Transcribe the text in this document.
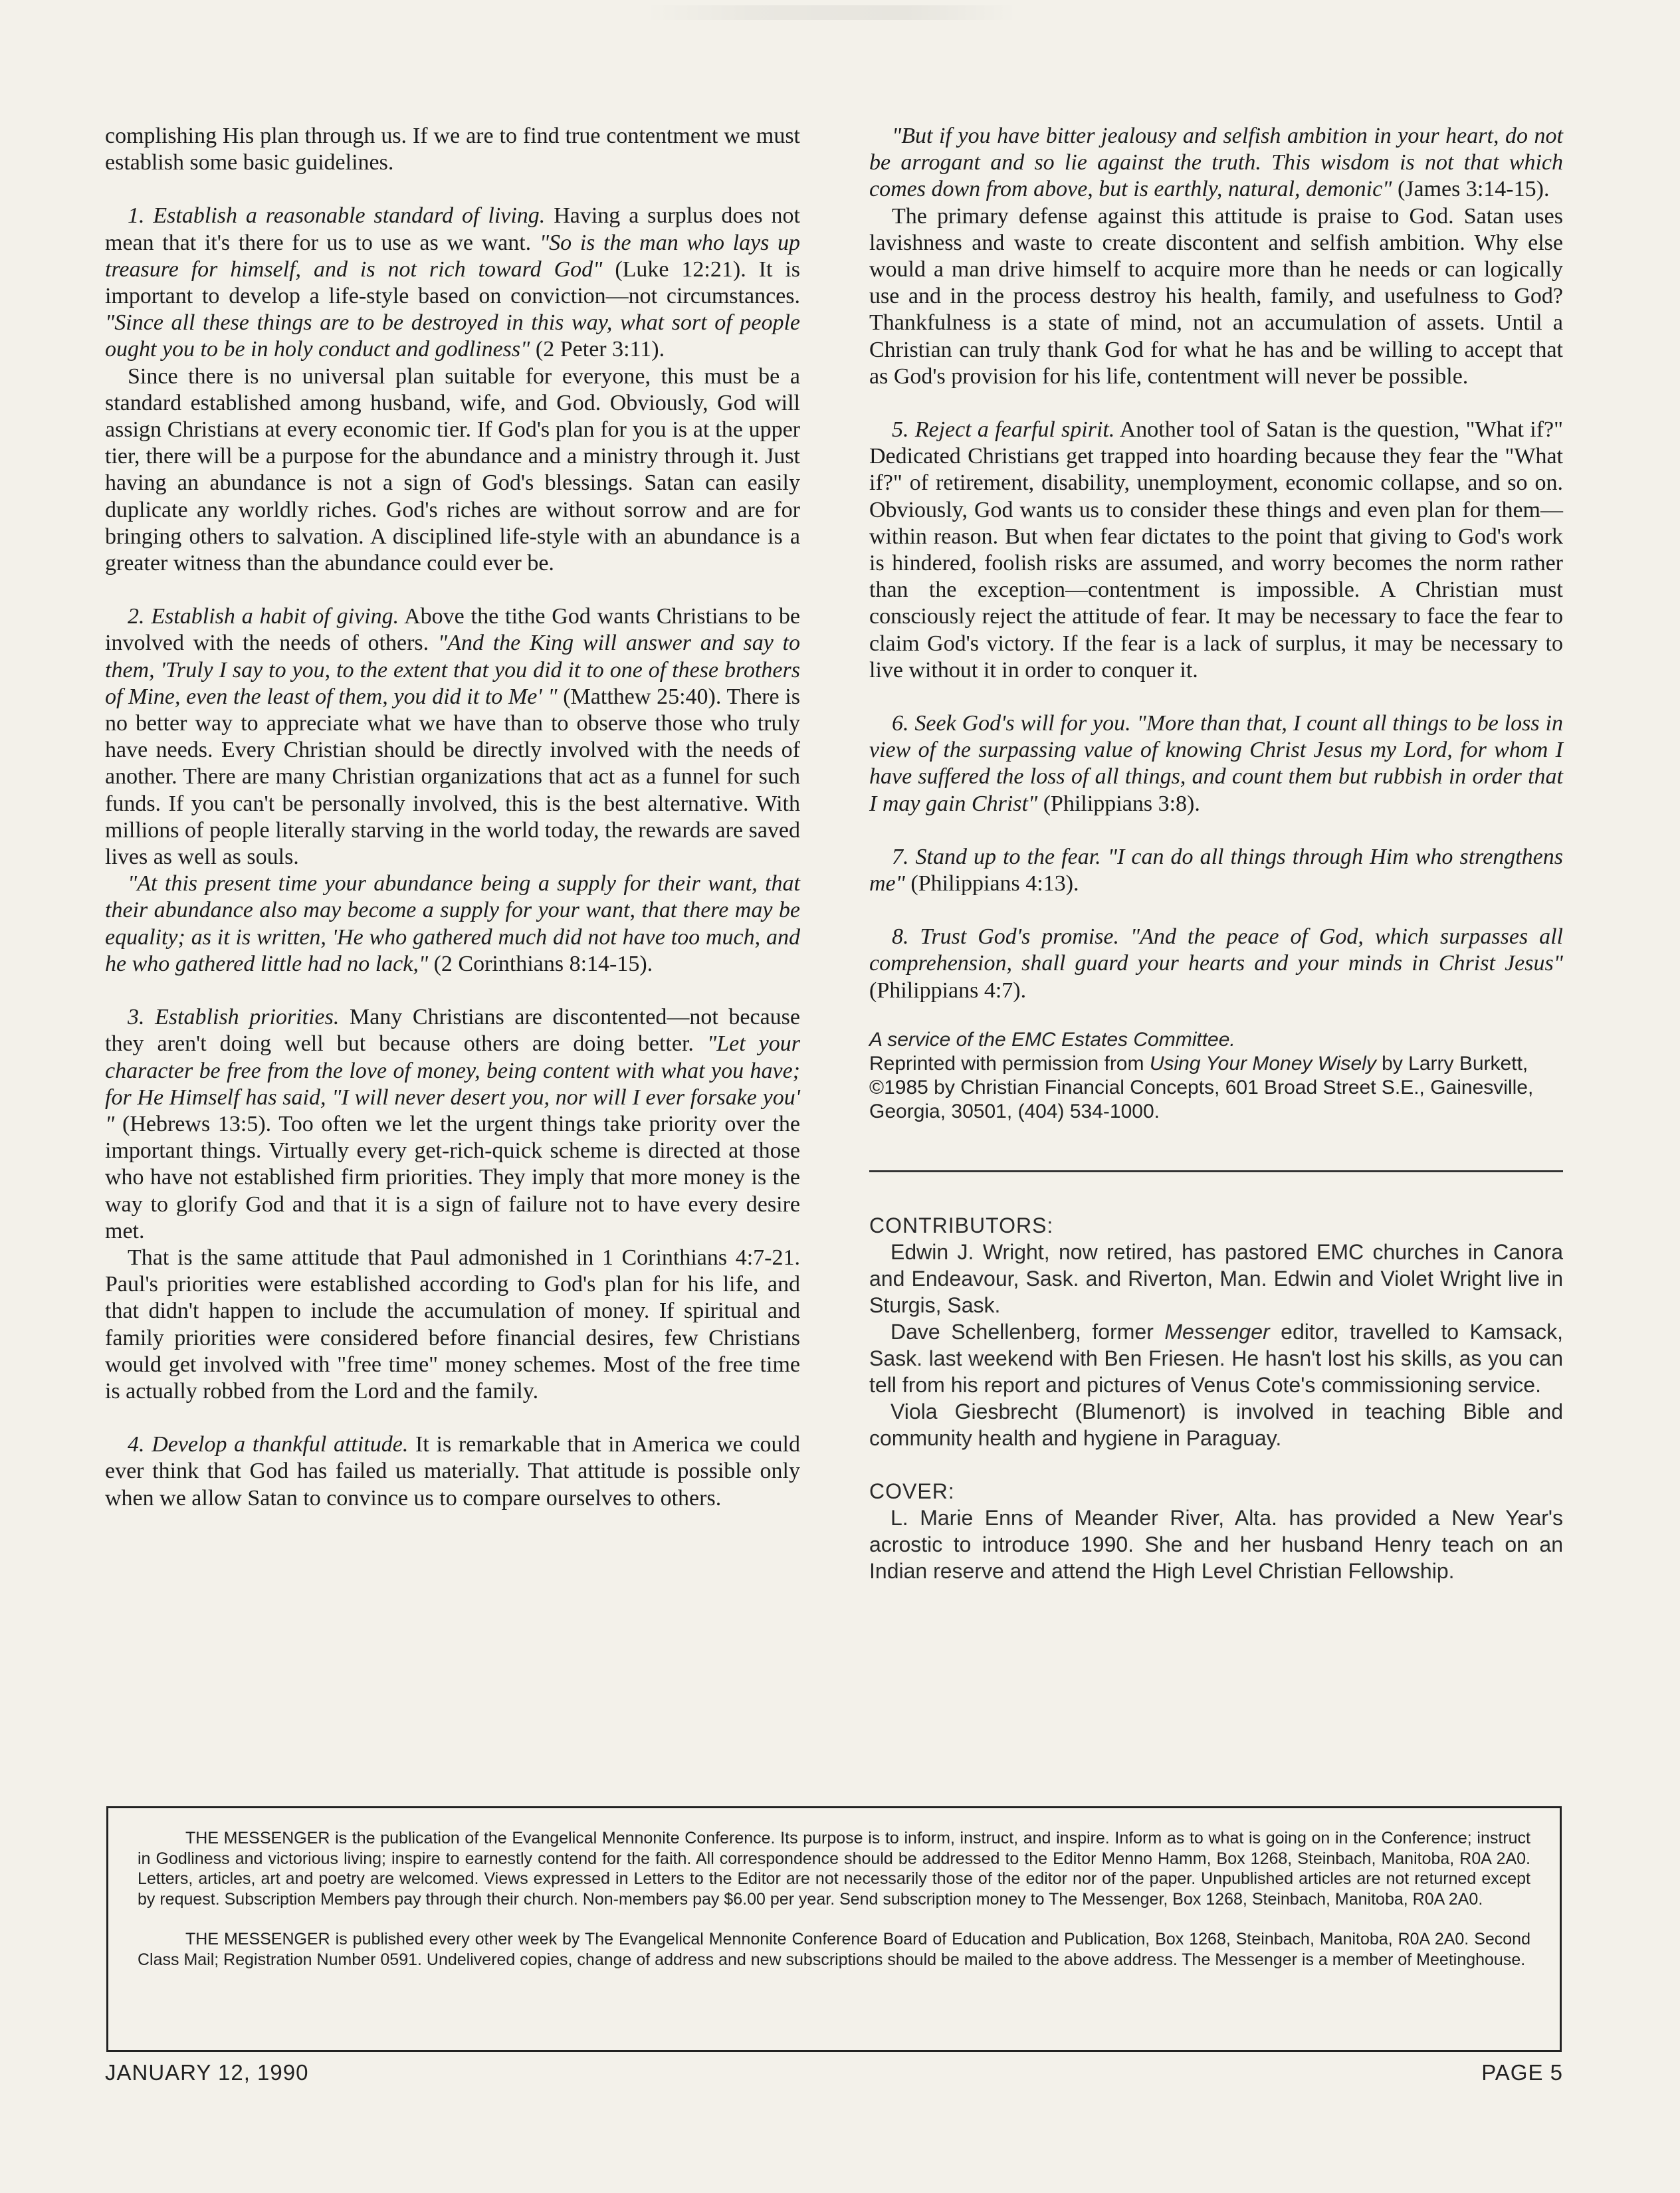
complishing His plan through us. If we are to find true contentment we must establish some basic guidelines.

1. Establish a reasonable standard of living. Having a surplus does not mean that it's there for us to use as we want. "So is the man who lays up treasure for himself, and is not rich toward God" (Luke 12:21). It is important to develop a life-style based on conviction—not circumstances. "Since all these things are to be destroyed in this way, what sort of people ought you to be in holy conduct and godliness" (2 Peter 3:11).

Since there is no universal plan suitable for everyone, this must be a standard established among husband, wife, and God. Obviously, God will assign Christians at every economic tier. If God's plan for you is at the upper tier, there will be a purpose for the abundance and a ministry through it. Just having an abundance is not a sign of God's blessings. Satan can easily duplicate any worldly riches. God's riches are without sorrow and are for bringing others to salvation. A disciplined life-style with an abundance is a greater witness than the abundance could ever be.

2. Establish a habit of giving. Above the tithe God wants Christians to be involved with the needs of others. "And the King will answer and say to them, 'Truly I say to you, to the extent that you did it to one of these brothers of Mine, even the least of them, you did it to Me' " (Matthew 25:40). There is no better way to appreciate what we have than to observe those who truly have needs. Every Christian should be directly involved with the needs of another. There are many Christian organizations that act as a funnel for such funds. If you can't be personally involved, this is the best alternative. With millions of people literally starving in the world today, the rewards are saved lives as well as souls.

"At this present time your abundance being a supply for their want, that their abundance also may become a supply for your want, that there may be equality; as it is written, 'He who gathered much did not have too much, and he who gathered little had no lack," (2 Corinthians 8:14-15).

3. Establish priorities. Many Christians are discontented—not because they aren't doing well but because others are doing better. "Let your character be free from the love of money, being content with what you have; for He Himself has said, "I will never desert you, nor will I ever forsake you' " (Hebrews 13:5). Too often we let the urgent things take priority over the important things. Virtually every get-rich-quick scheme is directed at those who have not established firm priorities. They imply that more money is the way to glorify God and that it is a sign of failure not to have every desire met.

That is the same attitude that Paul admonished in 1 Corinthians 4:7-21. Paul's priorities were established according to God's plan for his life, and that didn't happen to include the accumulation of money. If spiritual and family priorities were considered before financial desires, few Christians would get involved with "free time" money schemes. Most of the free time is actually robbed from the Lord and the family.

4. Develop a thankful attitude. It is remarkable that in America we could ever think that God has failed us materially. That attitude is possible only when we allow Satan to convince us to compare ourselves to others.

"But if you have bitter jealousy and selfish ambition in your heart, do not be arrogant and so lie against the truth. This wisdom is not that which comes down from above, but is earthly, natural, demonic" (James 3:14-15).

The primary defense against this attitude is praise to God. Satan uses lavishness and waste to create discontent and selfish ambition. Why else would a man drive himself to acquire more than he needs or can logically use and in the process destroy his health, family, and usefulness to God? Thankfulness is a state of mind, not an accumulation of assets. Until a Christian can truly thank God for what he has and be willing to accept that as God's provision for his life, contentment will never be possible.

5. Reject a fearful spirit. Another tool of Satan is the question, "What if?" Dedicated Christians get trapped into hoarding because they fear the "What if?" of retirement, disability, unemployment, economic collapse, and so on. Obviously, God wants us to consider these things and even plan for them—within reason. But when fear dictates to the point that giving to God's work is hindered, foolish risks are assumed, and worry becomes the norm rather than the exception—contentment is impossible. A Christian must consciously reject the attitude of fear. It may be necessary to face the fear to claim God's victory. If the fear is a lack of surplus, it may be necessary to live without it in order to conquer it.

6. Seek God's will for you. "More than that, I count all things to be loss in view of the surpassing value of knowing Christ Jesus my Lord, for whom I have suffered the loss of all things, and count them but rubbish in order that I may gain Christ" (Philippians 3:8).

7. Stand up to the fear. "I can do all things through Him who strengthens me" (Philippians 4:13).

8. Trust God's promise. "And the peace of God, which surpasses all comprehension, shall guard your hearts and your minds in Christ Jesus" (Philippians 4:7).

A service of the EMC Estates Committee.
Reprinted with permission from Using Your Money Wisely by Larry Burkett, ©1985 by Christian Financial Concepts, 601 Broad Street S.E., Gainesville, Georgia, 30501, (404) 534-1000.
CONTRIBUTORS:

Edwin J. Wright, now retired, has pastored EMC churches in Canora and Endeavour, Sask. and Riverton, Man. Edwin and Violet Wright live in Sturgis, Sask.

Dave Schellenberg, former Messenger editor, travelled to Kamsack, Sask. last weekend with Ben Friesen. He hasn't lost his skills, as you can tell from his report and pictures of Venus Cote's commissioning service.

Viola Giesbrecht (Blumenort) is involved in teaching Bible and community health and hygiene in Paraguay.

COVER:

L. Marie Enns of Meander River, Alta. has provided a New Year's acrostic to introduce 1990. She and her husband Henry teach on an Indian reserve and attend the High Level Christian Fellowship.

THE MESSENGER is the publication of the Evangelical Mennonite Conference. Its purpose is to inform, instruct, and inspire. Inform as to what is going on in the Conference; instruct in Godliness and victorious living; inspire to earnestly contend for the faith. All correspondence should be addressed to the Editor Menno Hamm, Box 1268, Steinbach, Manitoba, R0A 2A0. Letters, articles, art and poetry are welcomed. Views expressed in Letters to the Editor are not necessarily those of the editor nor of the paper. Unpublished articles are not returned except by request. Subscription Members pay through their church. Non-members pay $6.00 per year. Send subscription money to The Messenger, Box 1268, Steinbach, Manitoba, R0A 2A0.

THE MESSENGER is published every other week by The Evangelical Mennonite Conference Board of Education and Publication, Box 1268, Steinbach, Manitoba, R0A 2A0. Second Class Mail; Registration Number 0591. Undelivered copies, change of address and new subscriptions should be mailed to the above address. The Messenger is a member of Meetinghouse.

JANUARY 12, 1990	PAGE 5
